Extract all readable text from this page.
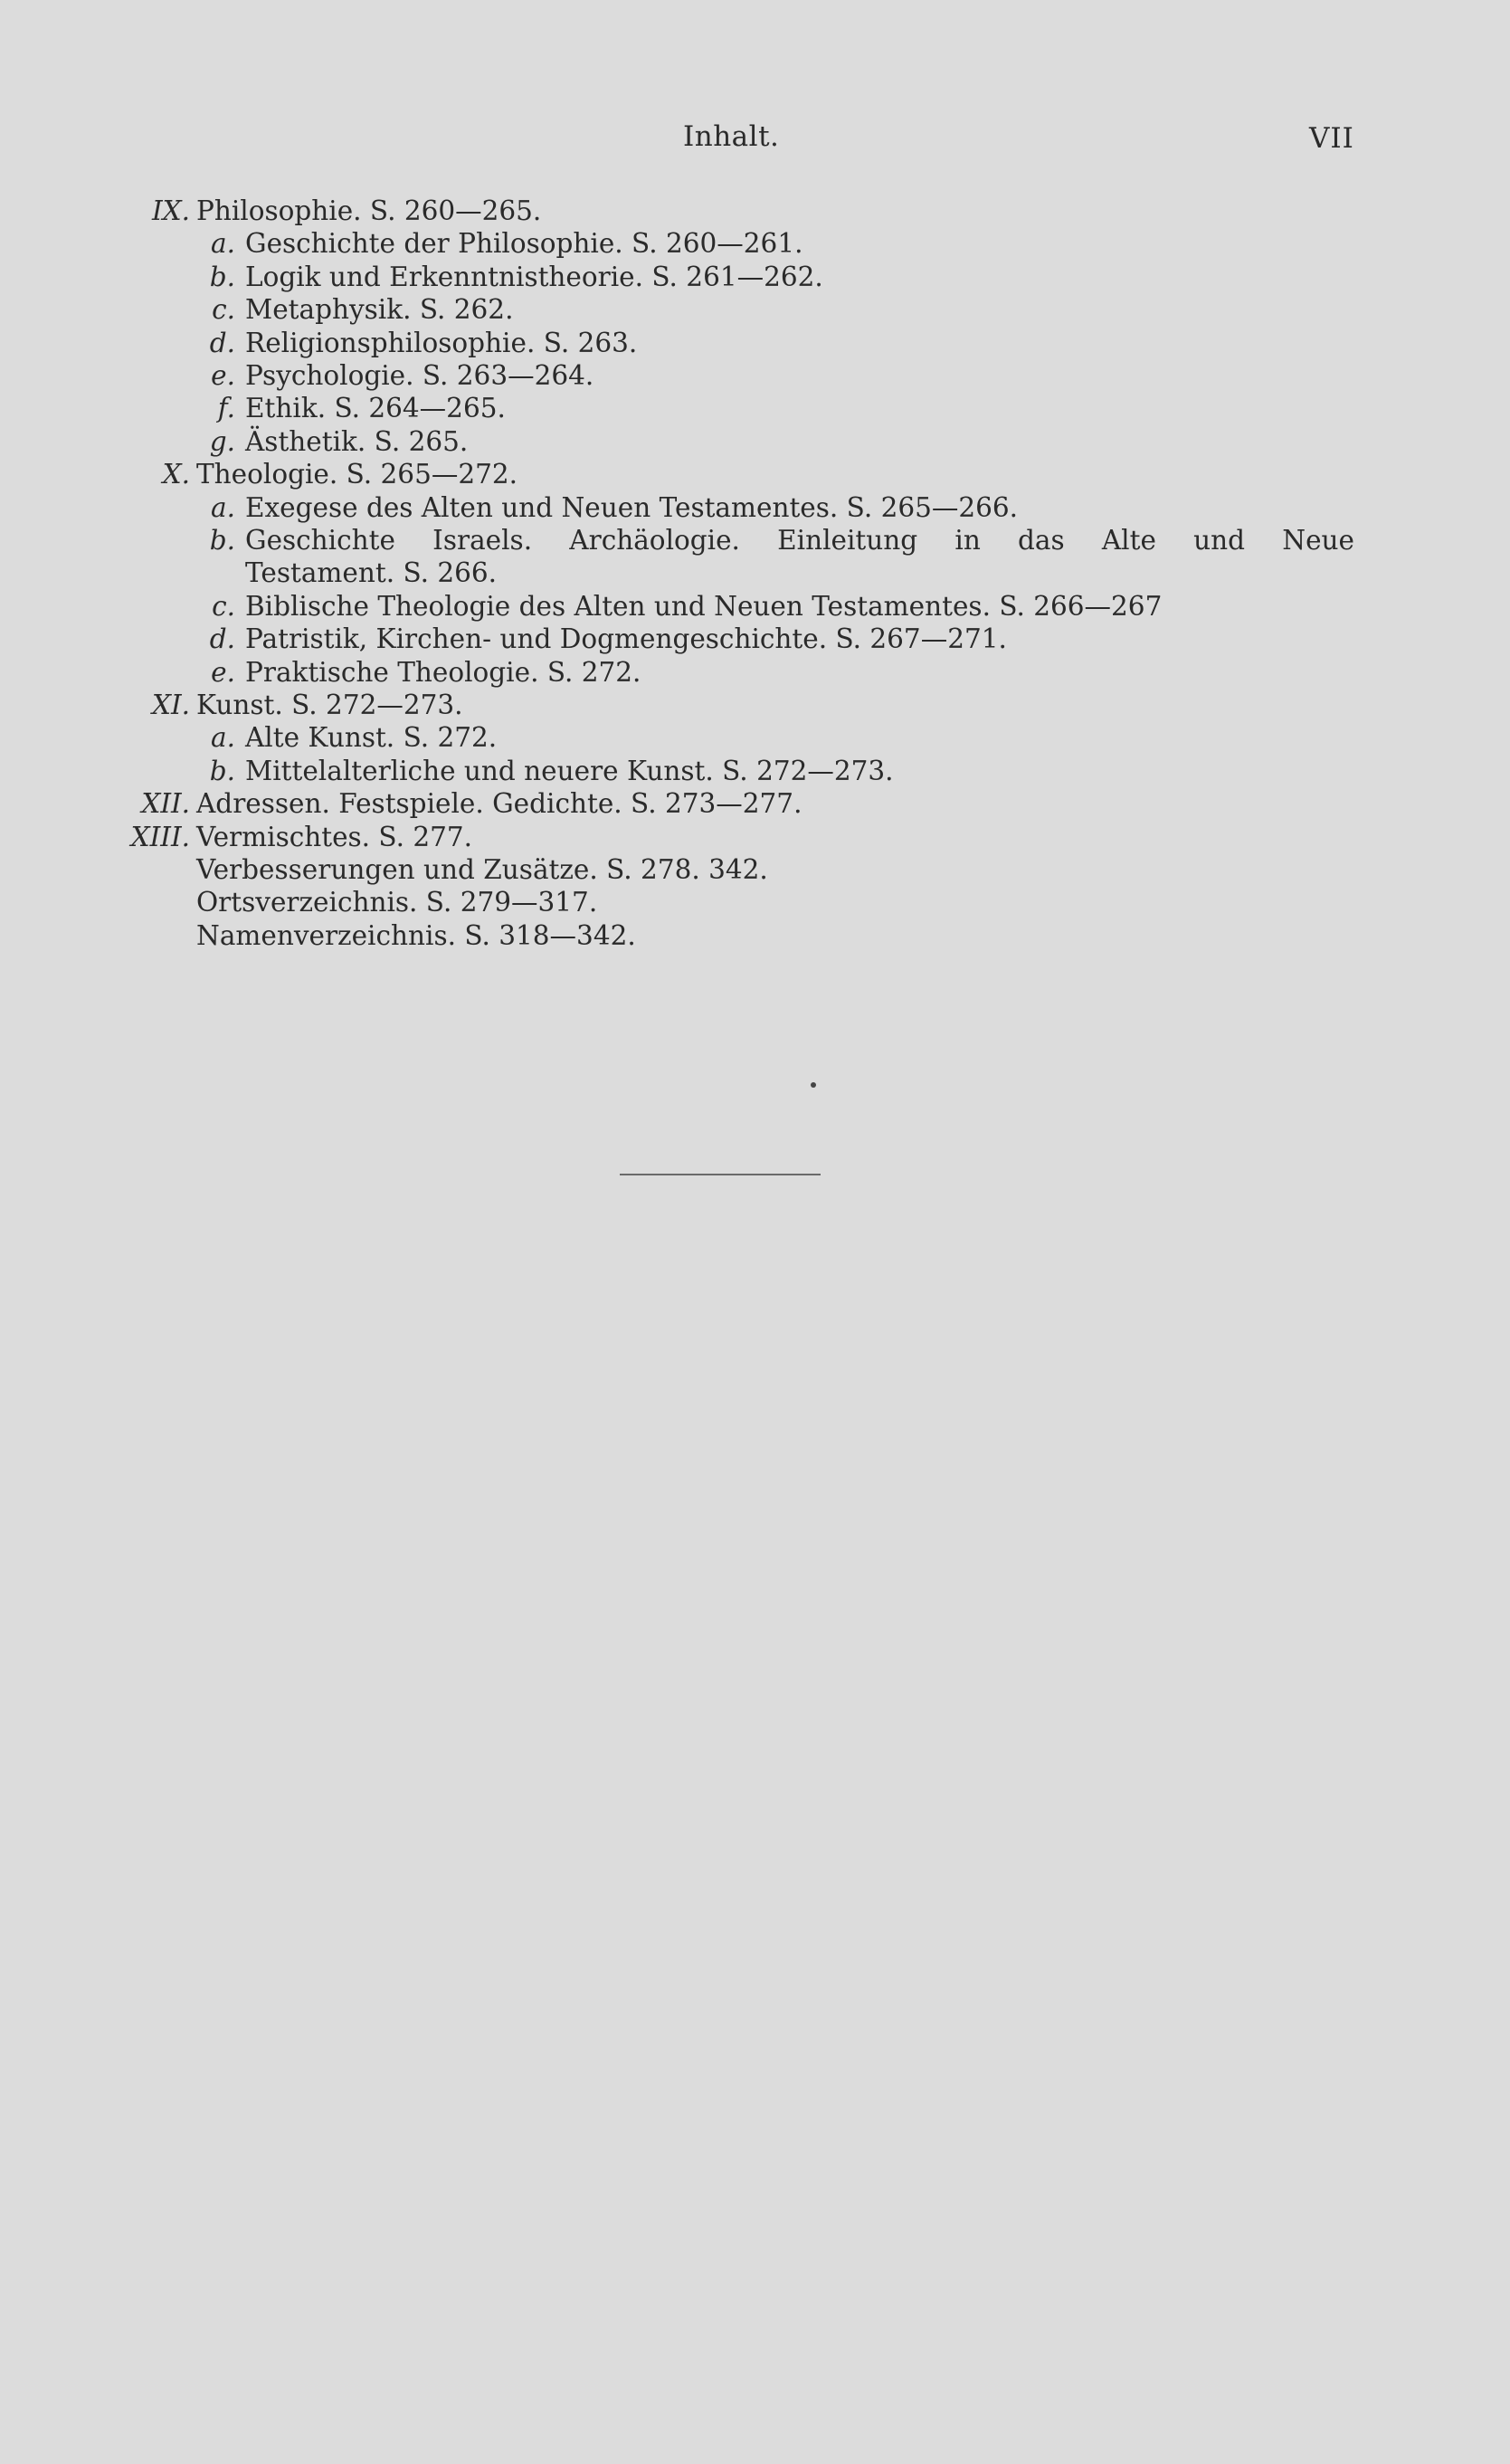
Inhalt.	VII
IX. Philosophie. S. 260—265.
a. Geschichte der Philosophie. S. 260—261.
b. Logik und Erkenntnistheorie. S. 261—262.
c. Metaphysik. S. 262.
d. Religionsphilosophie. S. 263.
e. Psychologie. S. 263—264.
f. Ethik. S. 264—265.
g. Ästhetik. S. 265.
X. Theologie. S. 265—272.
a. Exegese des Alten und Neuen Testamentes. S. 265—266.
b. Geschichte Israels. Archäologie. Einleitung in das Alte und Neue
Testament. S. 266.
c. Biblische Theologie des Alten und Neuen Testamentes. S. 266—267
d. Patristik, Kirchen- und Dogmengeschichte. S. 267—271.
e. Praktische Theologie. S. 272.
XI. Kunst. S. 272—273.
a. Alte Kunst. S. 272.
b. Mittelalterliche und neuere Kunst. S. 272—273.
XII. Adressen. Festspiele. Gedichte. S. 273—277.
XIII. Vermischtes. S. 277.
Verbesserungen und Zusätze. S. 278. 342.
Ortsverzeichnis. S. 279—317.
Namenverzeichnis. S. 318—342.
